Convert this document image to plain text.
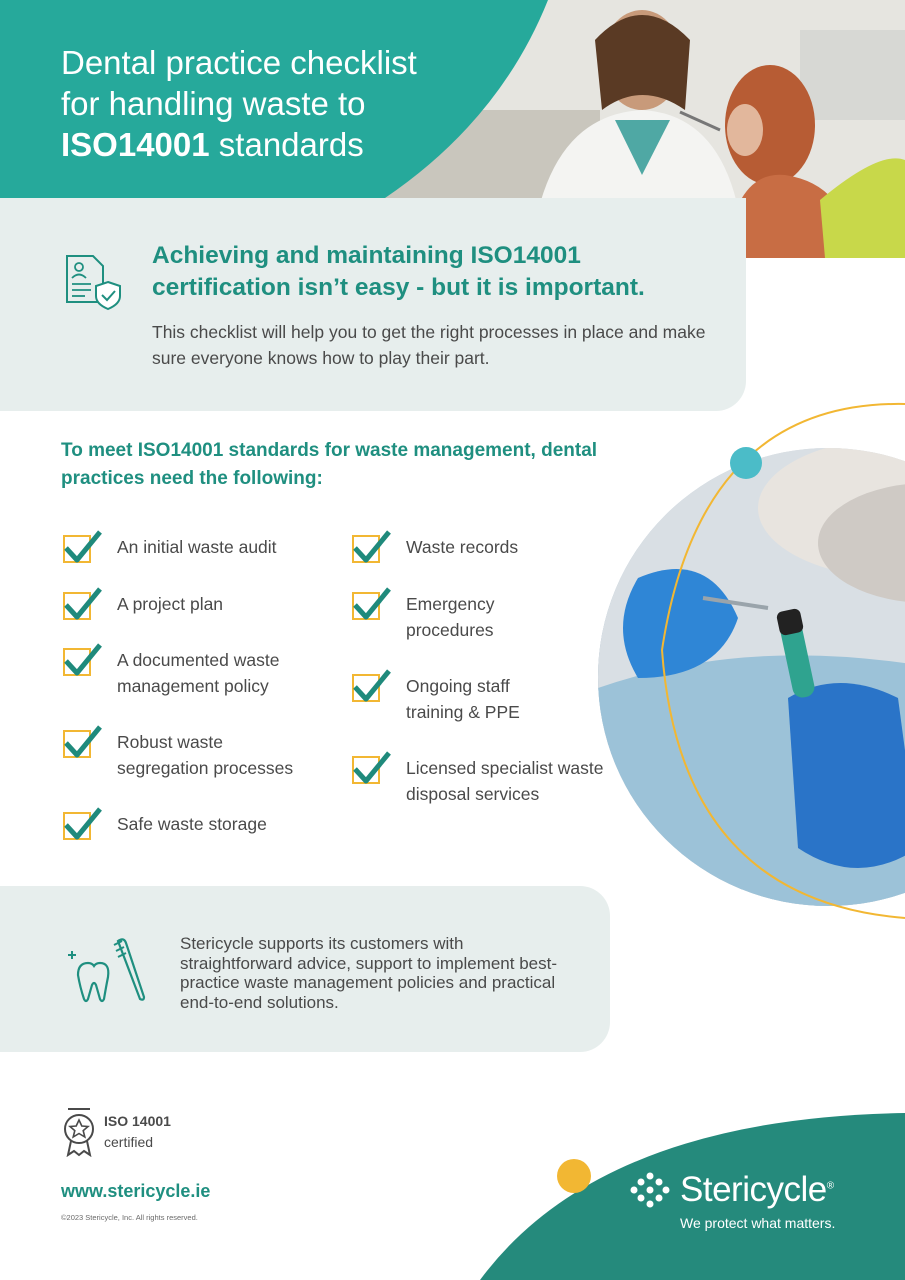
Dental practice checklist
for handling waste to
ISO14001 standards
Achieving and maintaining ISO14001 certification isn’t easy - but it is important.
This checklist will help you to get the right processes in place and make sure everyone knows how to play their part.
To meet ISO14001 standards for waste management, dental practices need the following:
An initial waste audit
A project plan
A documented waste management policy
Robust waste segregation processes
Safe waste storage
Waste records
Emergency procedures
Ongoing staff training & PPE
Licensed specialist waste disposal services
Stericycle supports its customers with straightforward advice, support to implement best-practice waste management policies and practical end-to-end solutions.
ISO 14001
certified
www.stericycle.ie
©2023 Stericycle, Inc. All rights reserved.
Stericycle®
We protect what matters.
